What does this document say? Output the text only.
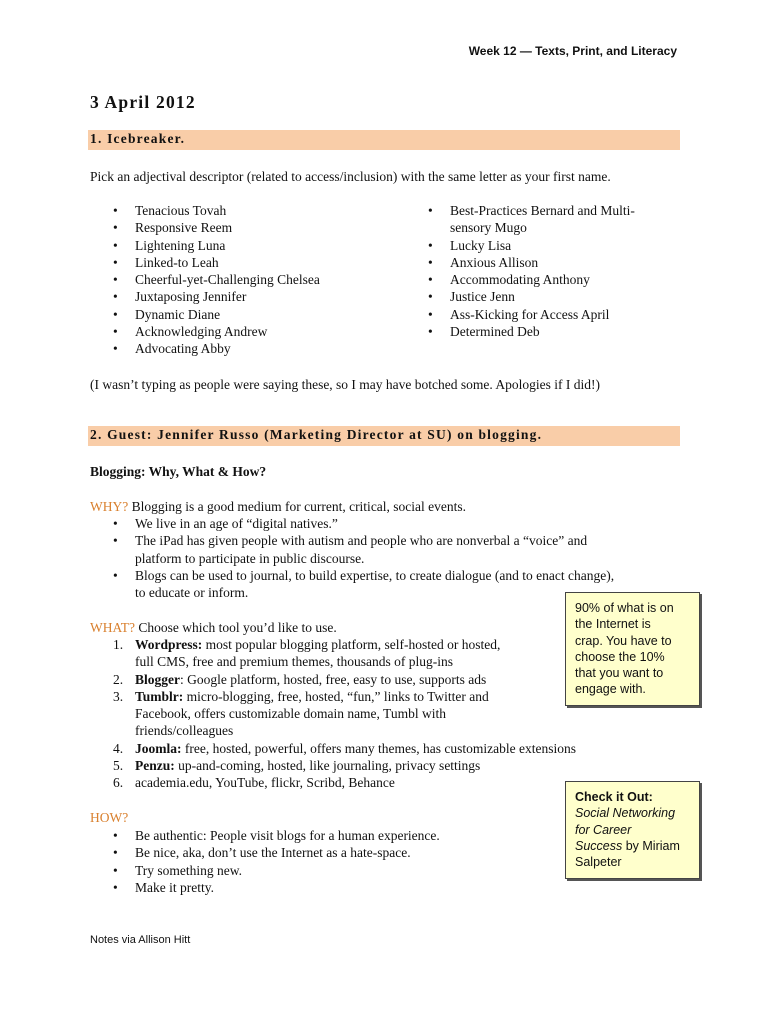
Week 12 — Texts, Print, and Literacy
3 April 2012
1. Icebreaker.
Pick an adjectival descriptor (related to access/inclusion) with the same letter as your first name.
• Tenacious Tovah
• Responsive Reem
• Lightening Luna
• Linked-to Leah
• Cheerful-yet-Challenging Chelsea
• Juxtaposing Jennifer
• Dynamic Diane
• Acknowledging Andrew
• Advocating Abby
• Best-Practices Bernard and Multi-
sensory Mugo
• Lucky Lisa
• Anxious Allison
• Accommodating Anthony
• Justice Jenn
• Ass-Kicking for Access April
• Determined Deb
(I wasn’t typing as people were saying these, so I may have botched some. Apologies if I did!)
2. Guest: Jennifer Russo (Marketing Director at SU) on blogging.
Blogging: Why, What & How?
WHY? Blogging is a good medium for current, critical, social events.
• We live in an age of “digital natives.”
• The iPad has given people with autism and people who are nonverbal a “voice” and
platform to participate in public discourse.
• Blogs can be used to journal, to build expertise, to create dialogue (and to enact change),
to educate or inform.
WHAT? Choose which tool you’d like to use.
1. Wordpress: most popular blogging platform, self-hosted or hosted,
full CMS, free and premium themes, thousands of plug-ins
2. Blogger: Google platform, hosted, free, easy to use, supports ads
3. Tumblr: micro-blogging, free, hosted, “fun,” links to Twitter and
Facebook, offers customizable domain name, Tumbl with
friends/colleagues
4. Joomla: free, hosted, powerful, offers many themes, has customizable extensions
5. Penzu: up-and-coming, hosted, like journaling, privacy settings
6. academia.edu, YouTube, flickr, Scribd, Behance
HOW?
• Be authentic: People visit blogs for a human experience.
• Be nice, aka, don’t use the Internet as a hate-space.
• Try something new.
• Make it pretty.
90% of what is on
the Internet is
crap. You have to
choose the 10%
that you want to
engage with.
Check it Out:
Social Networking
for Career
Success by Miriam
Salpeter
Notes via Allison Hitt
